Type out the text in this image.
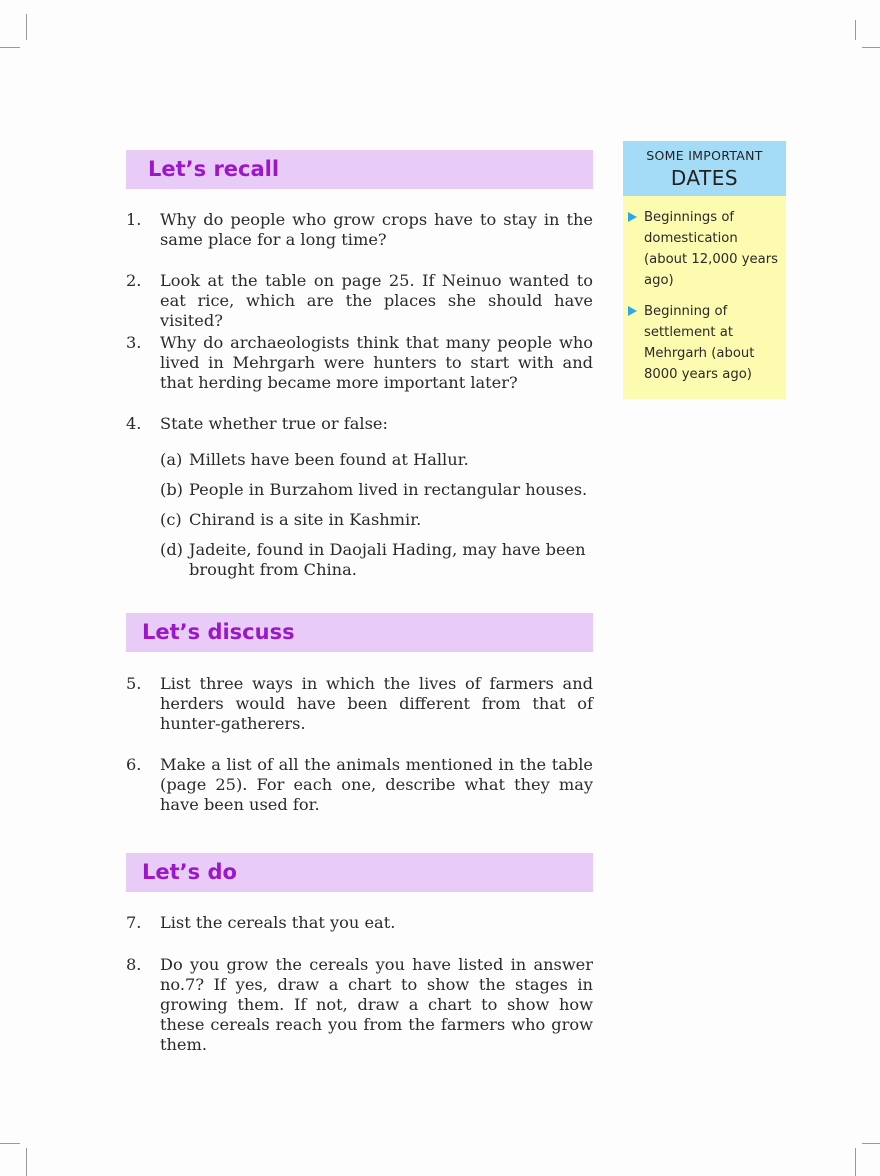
Let’s recall
1. Why do people who grow crops have to stay in the same place for a long time?
2. Look at the table on page 25. If Neinuo wanted to eat rice, which are the places she should have visited?
3. Why do archaeologists think that many people who lived in Mehrgarh were hunters to start with and that herding became more important later?
4. State whether true or false:
(a) Millets have been found at Hallur.
(b) People in Burzahom lived in rectangular houses.
(c) Chirand is a site in Kashmir.
(d) Jadeite, found in Daojali Hading, may have been brought from China.
Let’s discuss
5. List three ways in which the lives of farmers and herders would have been different from that of hunter-gatherers.
6. Make a list of all the animals mentioned in the table (page 25). For each one, describe what they may have been used for.
Let’s do
7. List the cereals that you eat.
8. Do you grow the cereals you have listed in answer no.7? If yes, draw a chart to show the stages in growing them. If not, draw a chart to show how these cereals reach you from the farmers who grow them.
SOME IMPORTANT
DATES
Beginnings of domestication (about 12,000 years ago)
Beginning of settlement at Mehrgarh (about 8000 years ago)
